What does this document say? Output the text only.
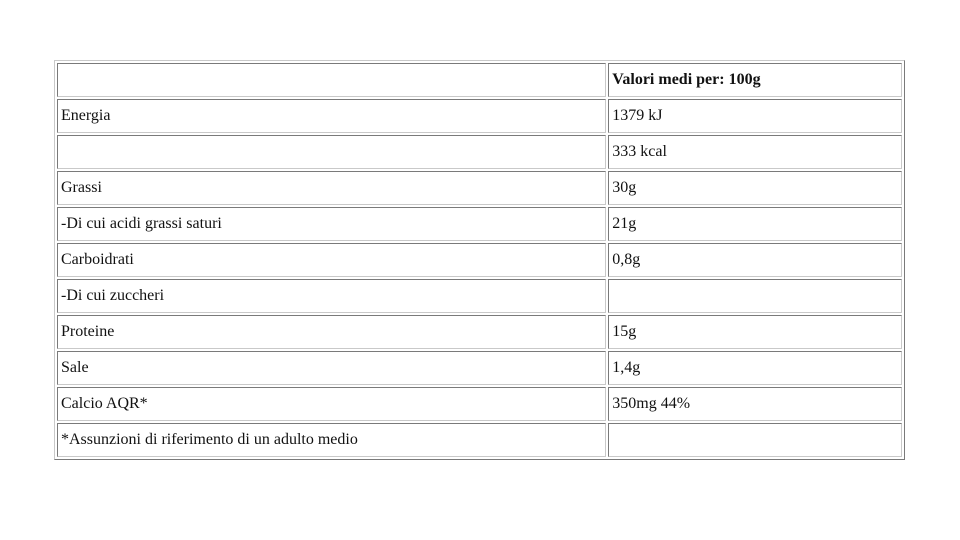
	Valori medi per: 100g
Energia	1379 kJ
	333 kcal
Grassi	30g
-Di cui acidi grassi saturi	21g
Carboidrati	0,8g
-Di cui zuccheri	
Proteine	15g
Sale	1,4g
Calcio AQR*	350mg 44%
*Assunzioni di riferimento di un adulto medio	
